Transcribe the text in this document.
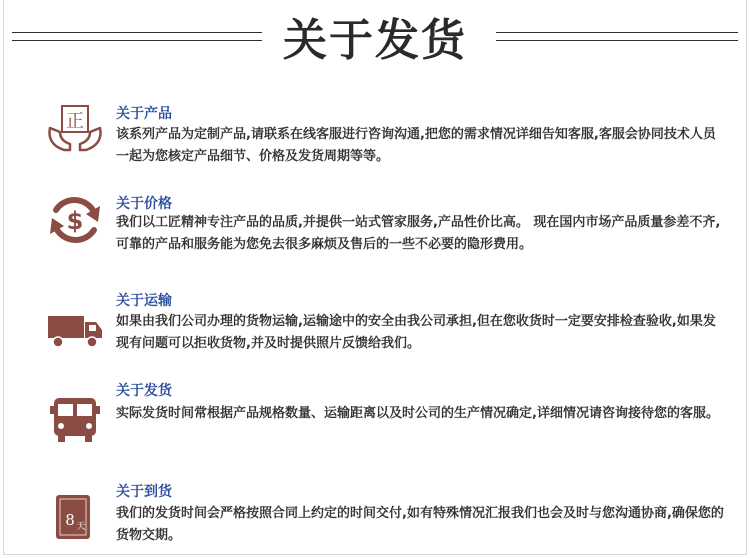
关于发货
正 关于产品
该系列产品为定制产品,请联系在线客服进行咨询沟通,把您的需求情况详细告知客服,客服会协同技术人员一起为您核定产品细节、价格及发货周期等等。
$
关于价格
我们以工匠精神专注产品的品质,并提供一站式管家服务,产品性价比高。 现在国内市场产品质量参差不齐,可靠的产品和服务能为您免去很多麻烦及售后的一些不必要的隐形费用。
关于运输
如果由我们公司办理的货物运输,运输途中的安全由我公司承担,但在您收货时一定要安排检查验收,如果发现有问题可以拒收货物,并及时提供照片反馈给我们。
关于发货
实际发货时间常根据产品规格数量、运输距离以及时公司的生产情况确定,详细情况请咨询接待您的客服。
8 天
关于到货
我们的发货时间会严格按照合同上约定的时间交付,如有特殊情况汇报我们也会及时与您沟通协商,确保您的货物交期。
